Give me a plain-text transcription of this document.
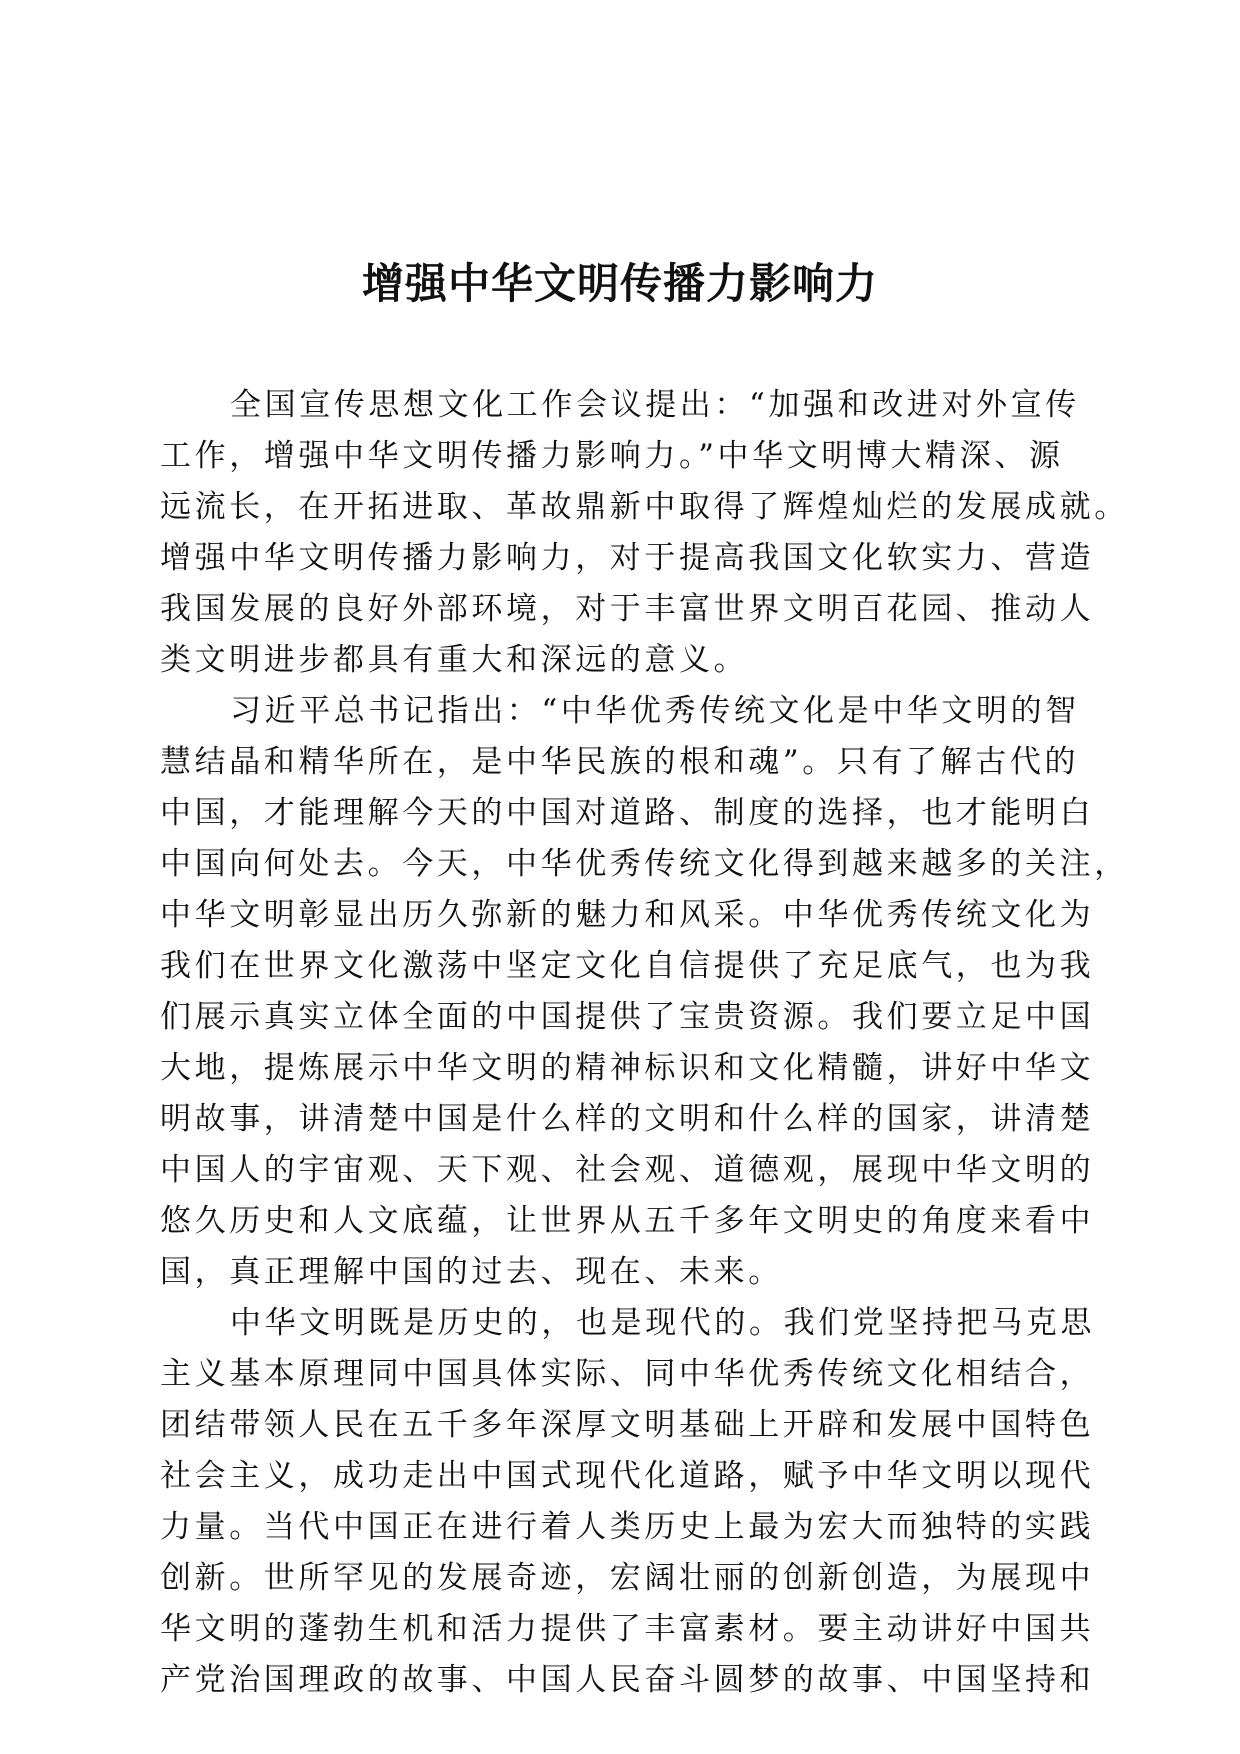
增强中华文明传播力影响力
全国宣传思想文化工作会议提出：“加强和改进对外宣传
工作，增强中华文明传播力影响力。”中华文明博大精深、源
远流长，在开拓进取、革故鼎新中取得了辉煌灿烂的发展成就。
增强中华文明传播力影响力，对于提高我国文化软实力、营造
我国发展的良好外部环境，对于丰富世界文明百花园、推动人
类文明进步都具有重大和深远的意义。
习近平总书记指出：“中华优秀传统文化是中华文明的智
慧结晶和精华所在，是中华民族的根和魂”。只有了解古代的
中国，才能理解今天的中国对道路、制度的选择，也才能明白
中国向何处去。今天，中华优秀传统文化得到越来越多的关注，
中华文明彰显出历久弥新的魅力和风采。中华优秀传统文化为
我们在世界文化激荡中坚定文化自信提供了充足底气，也为我
们展示真实立体全面的中国提供了宝贵资源。我们要立足中国
大地，提炼展示中华文明的精神标识和文化精髓，讲好中华文
明故事，讲清楚中国是什么样的文明和什么样的国家，讲清楚
中国人的宇宙观、天下观、社会观、道德观，展现中华文明的
悠久历史和人文底蕴，让世界从五千多年文明史的角度来看中
国，真正理解中国的过去、现在、未来。
中华文明既是历史的，也是现代的。我们党坚持把马克思
主义基本原理同中国具体实际、同中华优秀传统文化相结合，
团结带领人民在五千多年深厚文明基础上开辟和发展中国特色
社会主义，成功走出中国式现代化道路，赋予中华文明以现代
力量。当代中国正在进行着人类历史上最为宏大而独特的实践
创新。世所罕见的发展奇迹，宏阔壮丽的创新创造，为展现中
华文明的蓬勃生机和活力提供了丰富素材。要主动讲好中国共
产党治国理政的故事、中国人民奋斗圆梦的故事、中国坚持和
